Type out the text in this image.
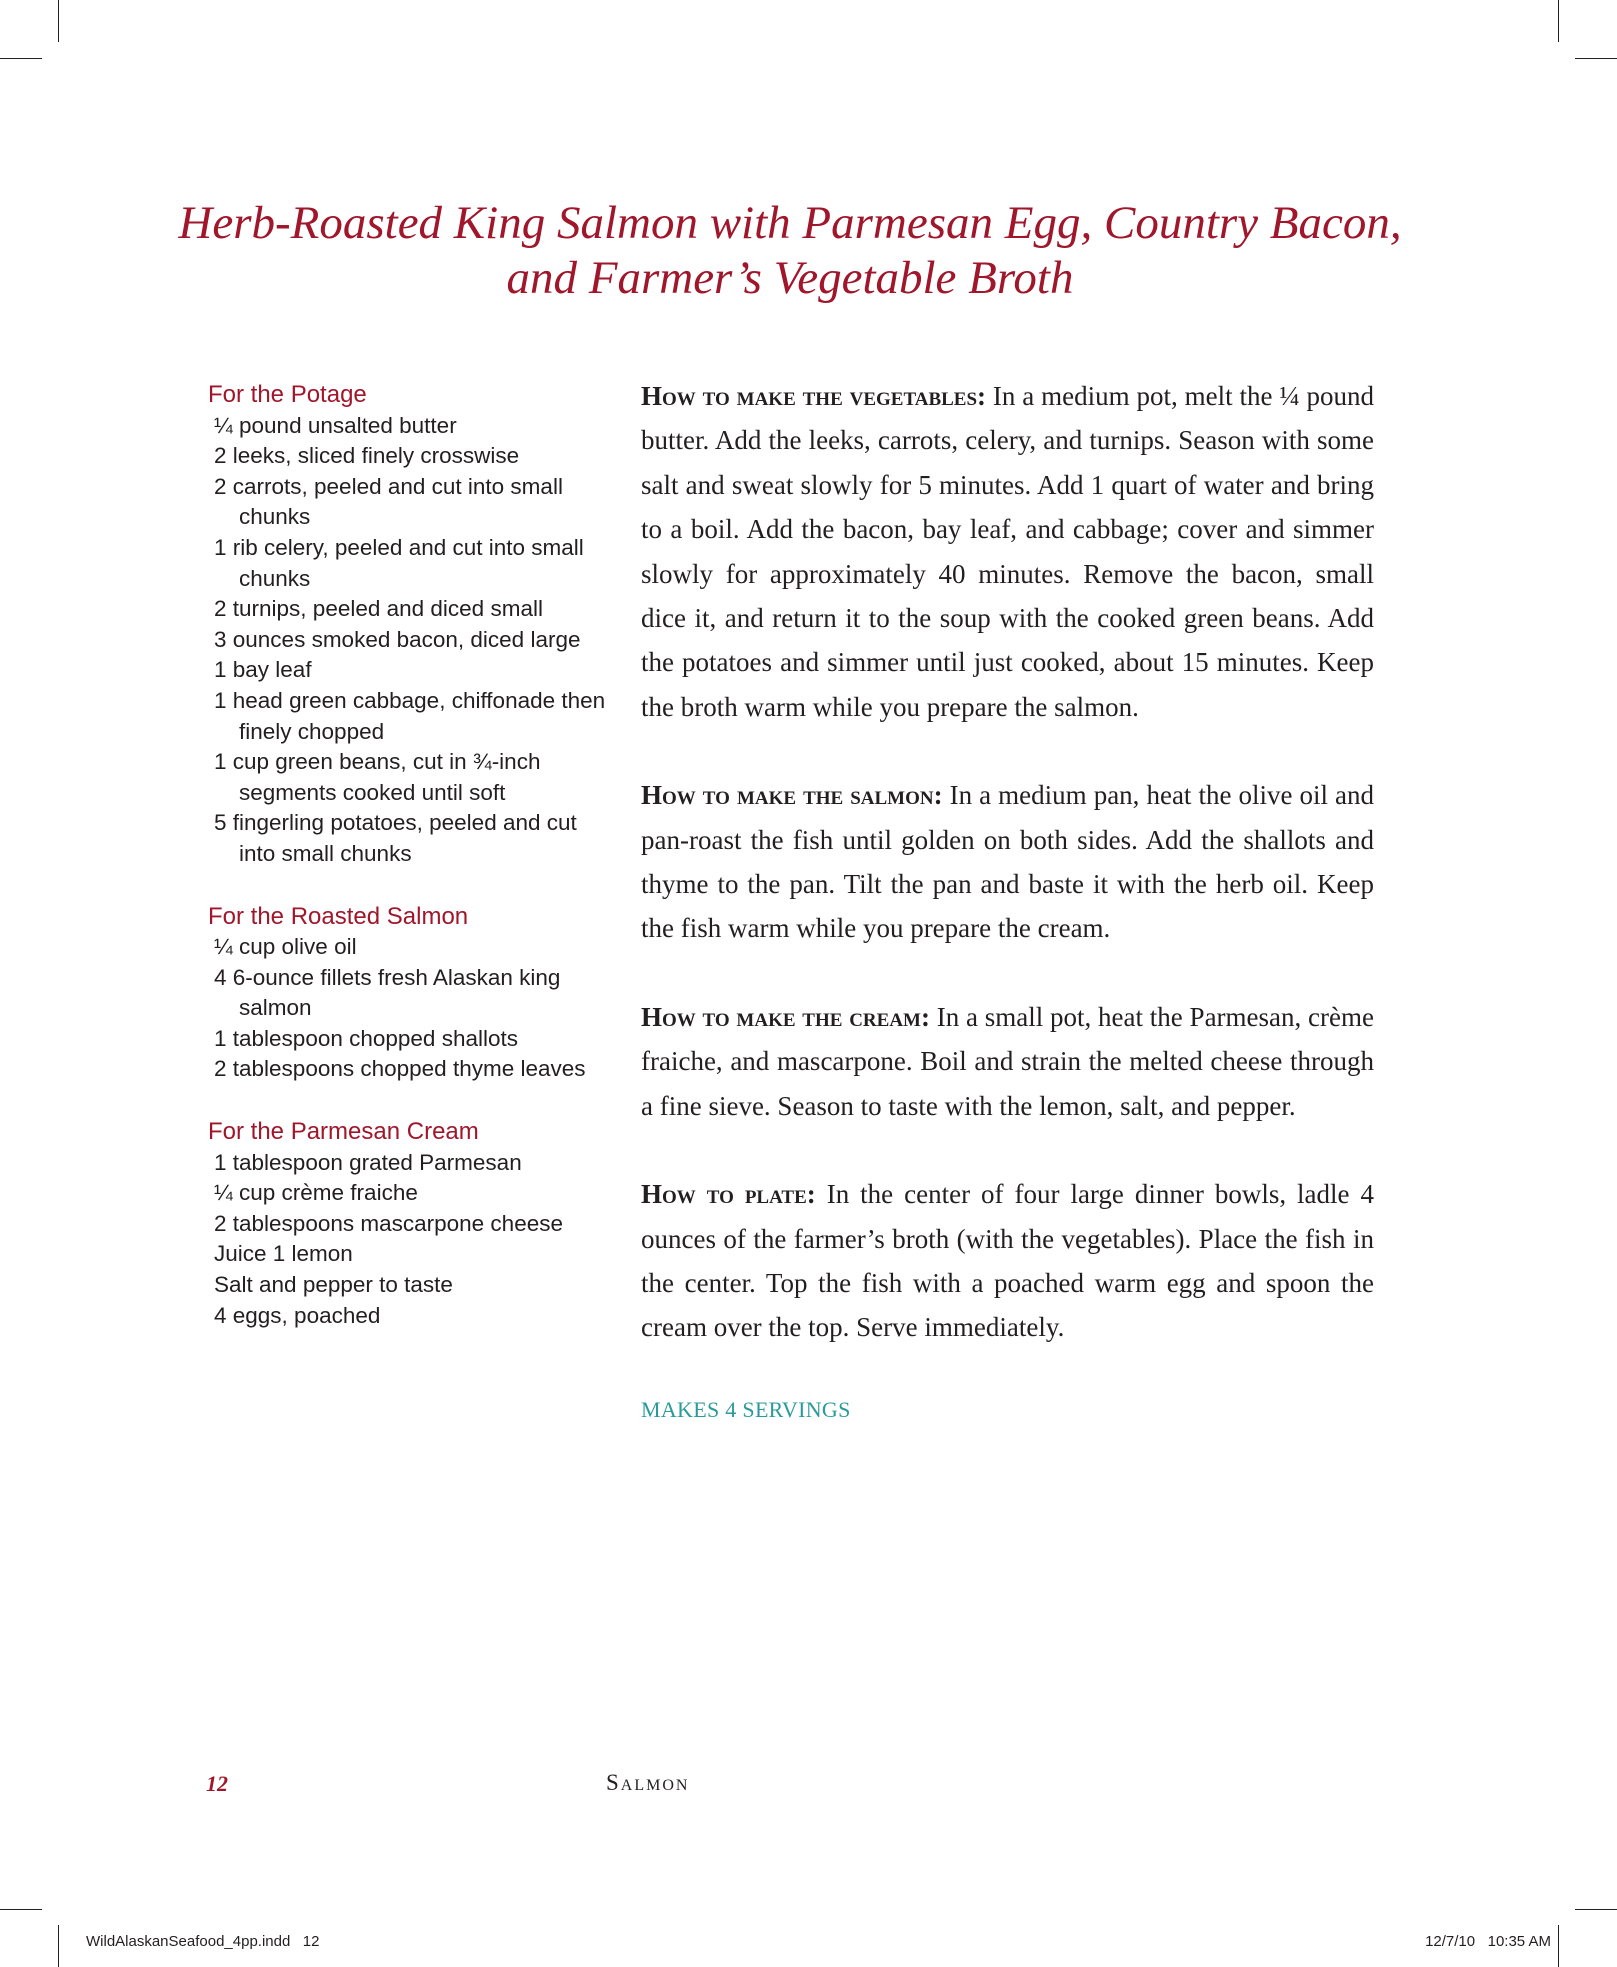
Herb-Roasted King Salmon with Parmesan Egg, Country Bacon, and Farmer’s Vegetable Broth
For the Potage
¼ pound unsalted butter
2 leeks, sliced finely crosswise
2 carrots, peeled and cut into small chunks
1 rib celery, peeled and cut into small chunks
2 turnips, peeled and diced small
3 ounces smoked bacon, diced large
1 bay leaf
1 head green cabbage, chiffonade then finely chopped
1 cup green beans, cut in ¾-inch segments cooked until soft
5 fingerling potatoes, peeled and cut into small chunks
For the Roasted Salmon
¼ cup olive oil
4 6-ounce fillets fresh Alaskan king salmon
1 tablespoon chopped shallots
2 tablespoons chopped thyme leaves
For the Parmesan Cream
1 tablespoon grated Parmesan
¼ cup crème fraiche
2 tablespoons mascarpone cheese
Juice 1 lemon
Salt and pepper to taste
4 eggs, poached

How to make the vegetables: In a medium pot, melt the ¼ pound butter. Add the leeks, carrots, celery, and turnips. Season with some salt and sweat slowly for 5 minutes. Add 1 quart of water and bring to a boil. Add the bacon, bay leaf, and cabbage; cover and simmer slowly for approximately 40 minutes. Remove the bacon, small dice it, and return it to the soup with the cooked green beans. Add the potatoes and simmer until just cooked, about 15 minutes. Keep the broth warm while you prepare the salmon.

How to make the salmon: In a medium pan, heat the olive oil and pan-roast the fish until golden on both sides. Add the shallots and thyme to the pan. Tilt the pan and baste it with the herb oil. Keep the fish warm while you prepare the cream.

How to make the cream: In a small pot, heat the Parmesan, crème fraiche, and mascarpone. Boil and strain the melted cheese through a fine sieve. Season to taste with the lemon, salt, and pepper.

How to plate: In the center of four large dinner bowls, ladle 4 ounces of the farmer’s broth (with the vegetables). Place the fish in the center. Top the fish with a poached warm egg and spoon the cream over the top. Serve immediately.

MAKES 4 SERVINGS

12	Salmon
WildAlaskanSeafood_4pp.indd   12	12/7/10   10:35 AM
